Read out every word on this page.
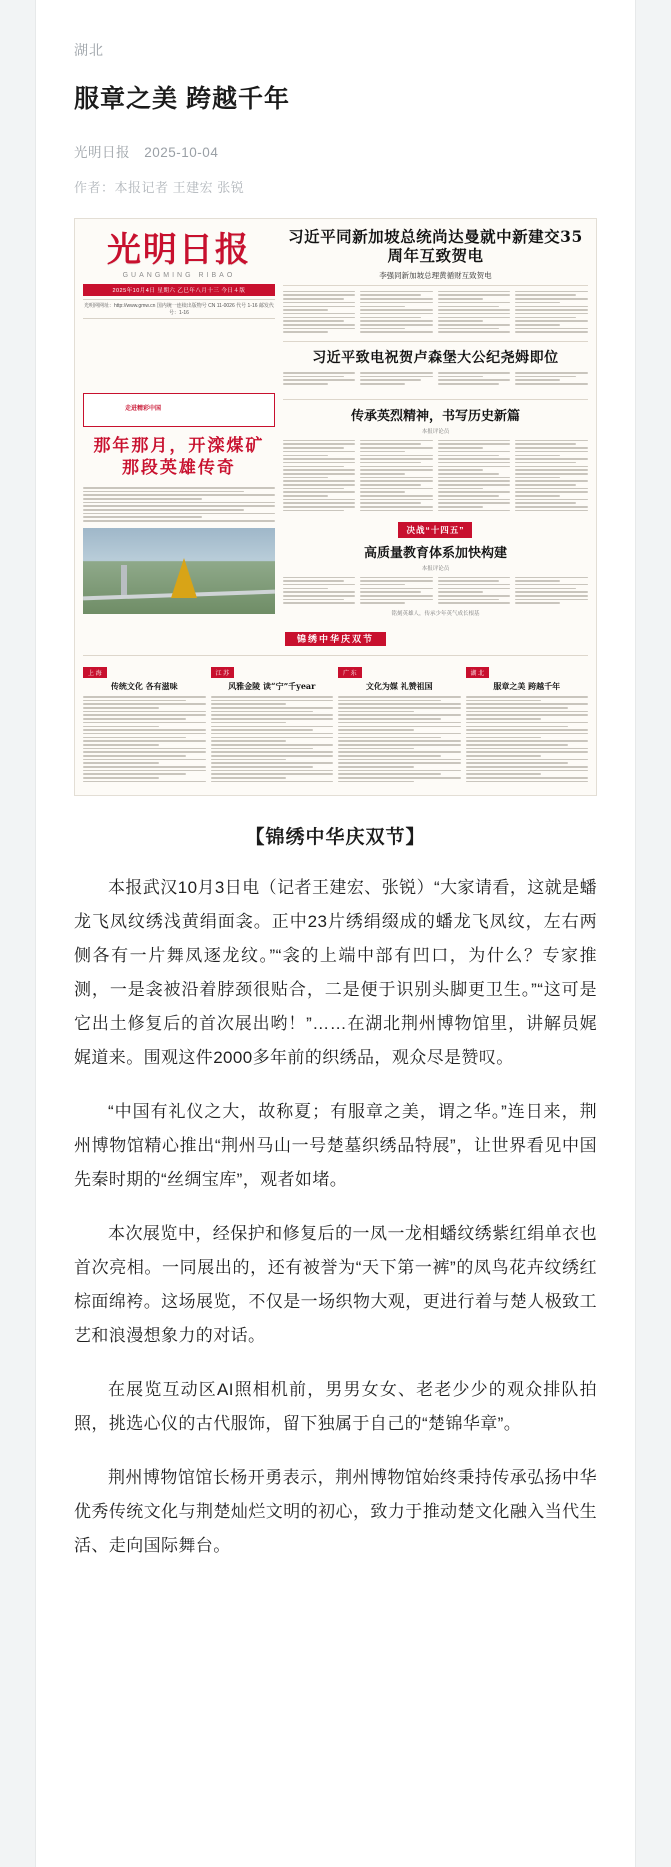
湖北
服章之美 跨越千年
光明日报 2025-10-04
作者：本报记者 王建宏 张锐
光明日报
GUANGMING RIBAO
2025年10月4日 星期六 乙巳年八月十三 今日４版
光明网网址：http://www.gmw.cn 国内统一连续出版物号 CN 11-0026 代号 1-16 邮发代号：1-16
习近平同新加坡总统尚达曼就中新建交35周年互致贺电
李强同新加坡总理黄循财互致贺电
习近平致电祝贺卢森堡大公纪尧姆即位
走进精彩中国
那年那月，开滦煤矿那段英雄传奇
传承英烈精神，书写历史新篇
本报评论员
决战“十四五”
高质量教育体系加快构建
本报评论员
铭刻英雄人，传承少年英气成长根基
锦绣中华庆双节
上 海
传统文化 各有滋味
江 苏
风雅金陵 读“宁”千year
广 东
文化为媒 礼赞祖国
湖 北
服章之美 跨越千年
【锦绣中华庆双节】

本报武汉10月3日电（记者王建宏、张锐）“大家请看，这就是蟠龙飞凤纹绣浅黄绢面衾。正中23片绣绢缀成的蟠龙飞凤纹，左右两侧各有一片舞凤逐龙纹。”“衾的上端中部有凹口，为什么？专家推测，一是衾被沿着脖颈很贴合，二是便于识别头脚更卫生。”“这可是它出土修复后的首次展出哟！”……在湖北荆州博物馆里，讲解员娓娓道来。围观这件2000多年前的织绣品，观众尽是赞叹。

“中国有礼仪之大，故称夏；有服章之美，谓之华。”连日来，荆州博物馆精心推出“荆州马山一号楚墓织绣品特展”，让世界看见中国先秦时期的“丝绸宝库”，观者如堵。

本次展览中，经保护和修复后的一凤一龙相蟠纹绣紫红绢单衣也首次亮相。一同展出的，还有被誉为“天下第一裤”的凤鸟花卉纹绣红棕面绵袴。这场展览，不仅是一场织物大观，更进行着与楚人极致工艺和浪漫想象力的对话。

在展览互动区AI照相机前，男男女女、老老少少的观众排队拍照，挑选心仪的古代服饰，留下独属于自己的“楚锦华章”。

荆州博物馆馆长杨开勇表示，荆州博物馆始终秉持传承弘扬中华优秀传统文化与荆楚灿烂文明的初心，致力于推动楚文化融入当代生活、走向国际舞台。
